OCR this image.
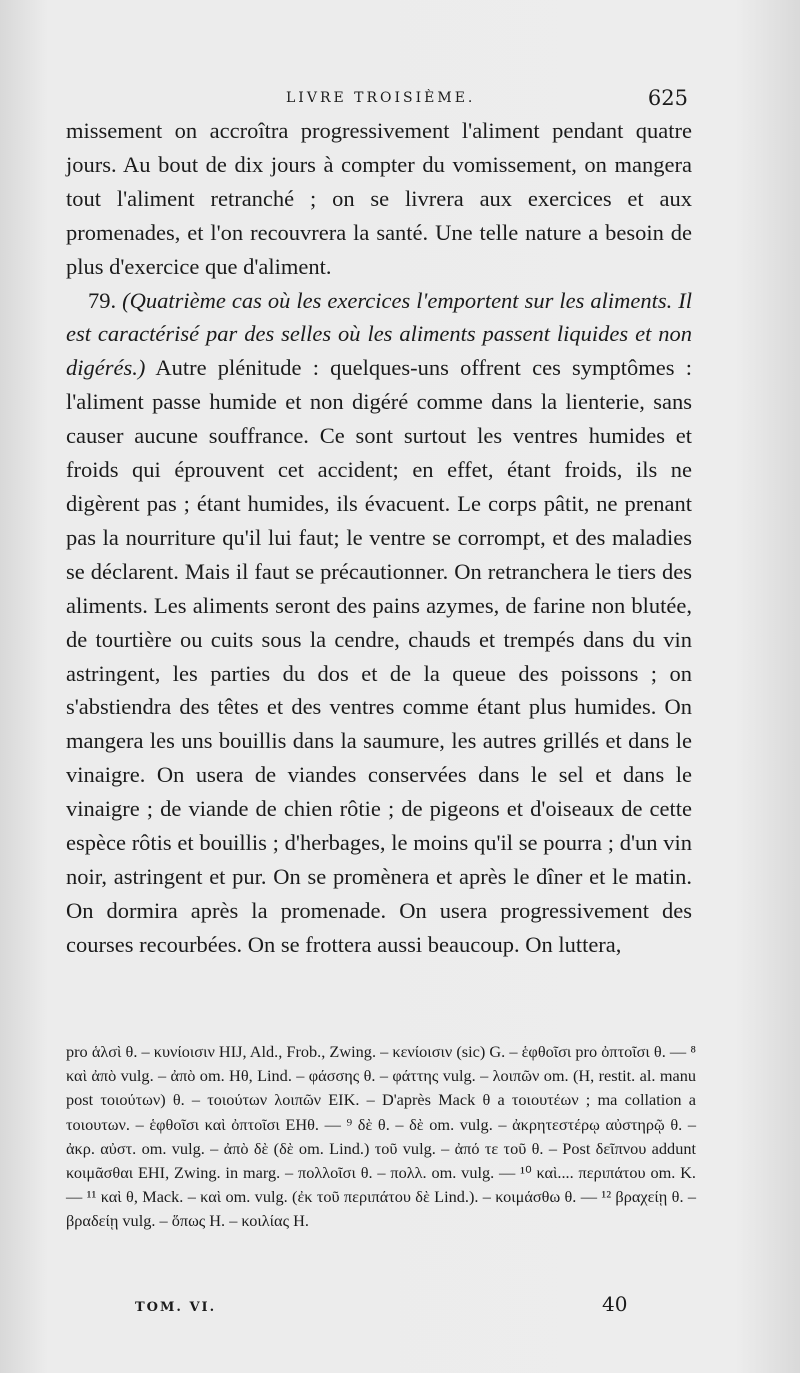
LIVRE TROISIÈME.	625

missement on accroîtra progressivement l'aliment pendant quatre jours. Au bout de dix jours à compter du vomissement, on mangera tout l'aliment retranché ; on se livrera aux exercices et aux promenades, et l'on recouvrera la santé. Une telle nature a besoin de plus d'exercice que d'aliment.

79. (Quatrième cas où les exercices l'emportent sur les aliments. Il est caractérisé par des selles où les aliments passent liquides et non digérés.) Autre plénitude : quelques-uns offrent ces symptômes : l'aliment passe humide et non digéré comme dans la lienterie, sans causer aucune souffrance. Ce sont surtout les ventres humides et froids qui éprouvent cet accident; en effet, étant froids, ils ne digèrent pas ; étant humides, ils évacuent. Le corps pâtit, ne prenant pas la nourriture qu'il lui faut; le ventre se corrompt, et des maladies se déclarent. Mais il faut se précautionner. On retranchera le tiers des aliments. Les aliments seront des pains azymes, de farine non blutée, de tourtière ou cuits sous la cendre, chauds et trempés dans du vin astringent, les parties du dos et de la queue des poissons ; on s'abstiendra des têtes et des ventres comme étant plus humides. On mangera les uns bouillis dans la saumure, les autres grillés et dans le vinaigre. On usera de viandes conservées dans le sel et dans le vinaigre ; de viande de chien rôtie ; de pigeons et d'oiseaux de cette espèce rôtis et bouillis ; d'herbages, le moins qu'il se pourra ; d'un vin noir, astringent et pur. On se promènera et après le dîner et le matin. On dormira après la promenade. On usera progressivement des courses recourbées. On se frottera aussi beaucoup. On luttera,

pro ἁλσὶ θ. – κυνίοισιν HIJ, Ald., Frob., Zwing. – κενίοισιν (sic) G. – ἑφθοῖσι pro ὀπτοῖσι θ. — ⁸ καὶ ἀπὸ vulg. – ἀπὸ om. Hθ, Lind. – φάσσης θ. – φάττης vulg. – λοιπῶν om. (H, restit. al. manu post τοιούτων) θ. – τοιούτων λοιπῶν EIK. – D'après Mack θ a τοιουτέων ; ma collation a τοιουτων. – ἑφθοῖσι καὶ ὀπτοῖσι EHθ. — ⁹ δὲ θ. – δὲ om. vulg. – ἀκρητεστέρῳ αὐστηρῷ θ. – ἀκρ. αὐστ. om. vulg. – ἀπὸ δὲ (δὲ om. Lind.) τοῦ vulg. – ἀπό τε τοῦ θ. – Post δεῖπνου addunt κοιμᾶσθαι EHI, Zwing. in marg. – πολλοῖσι θ. – πολλ. om. vulg. — ¹⁰ καὶ.... περιπάτου om. K. — ¹¹ καὶ θ, Mack. – καὶ om. vulg. (ἐκ τοῦ περιπάτου δὲ Lind.). – κοιμάσθω θ. — ¹² βραχείῃ θ. – βραδείῃ vulg. – ὅπως H. – κοιλίας H.

TOM. VI.	40
